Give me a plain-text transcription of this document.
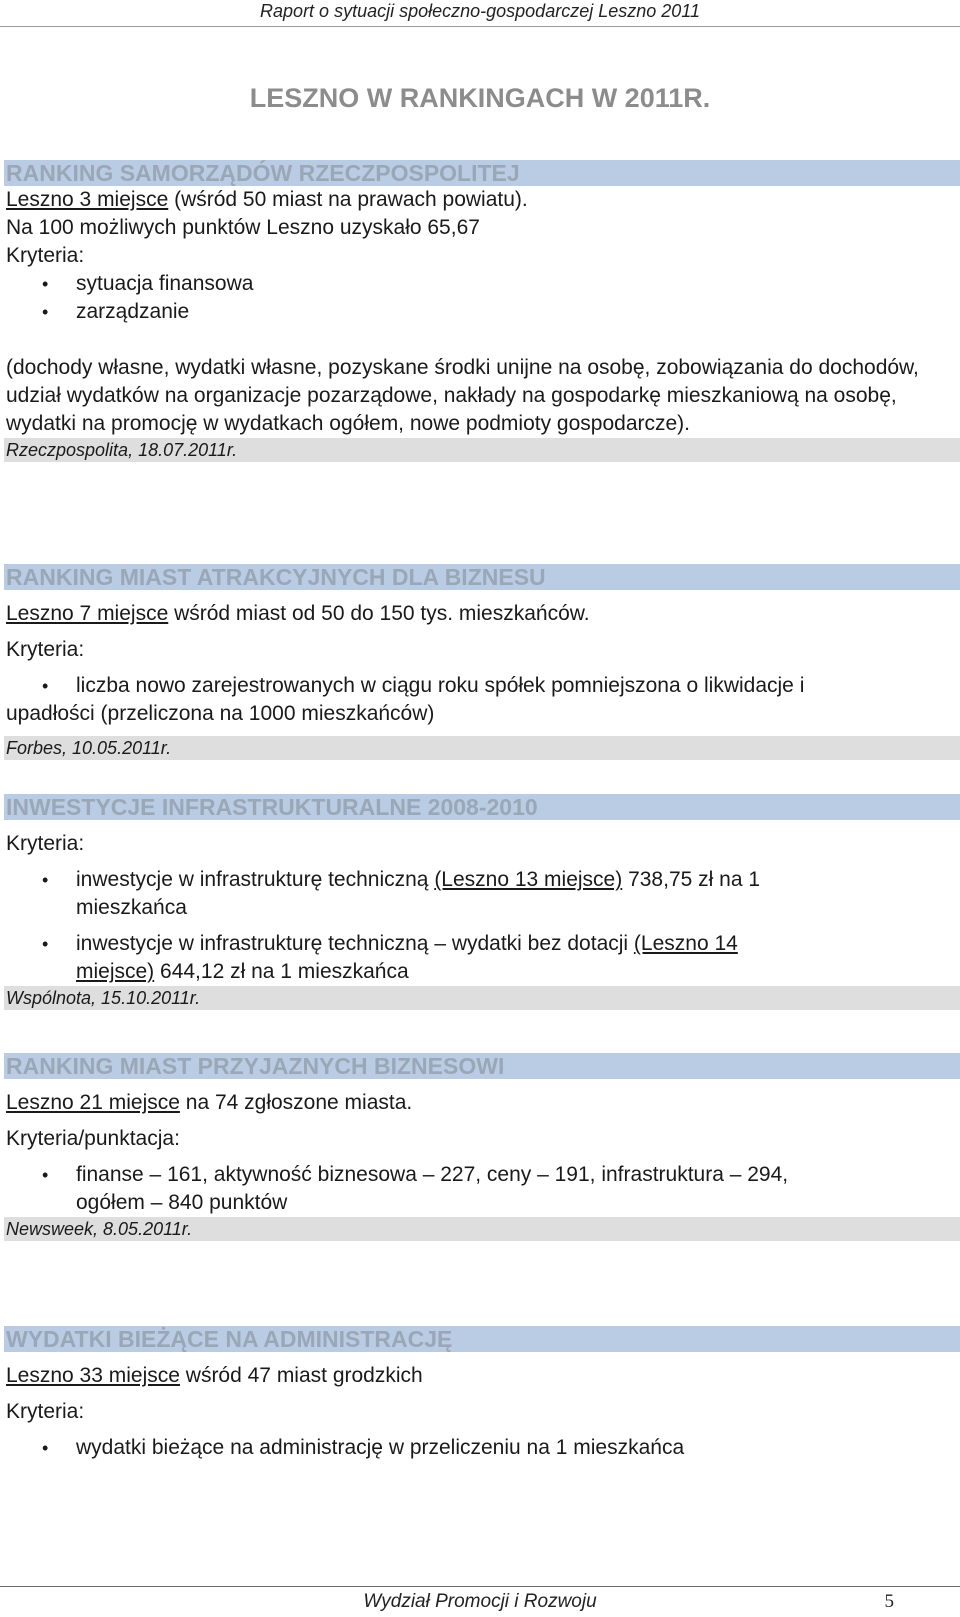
Raport o sytuacji społeczno-gospodarczej Leszno 2011
LESZNO W RANKINGACH W 2011R.
RANKING SAMORZĄDÓW RZECZPOSPOLITEJ
Leszno 3 miejsce (wśród 50 miast na prawach powiatu).
Na 100 możliwych punktów Leszno uzyskało 65,67
Kryteria:
• sytuacja finansowa
• zarządzanie
(dochody własne, wydatki własne, pozyskane środki unijne na osobę, zobowiązania do dochodów, udział wydatków na organizacje pozarządowe, nakłady na gospodarkę mieszkaniową na osobę, wydatki na promocję w wydatkach ogółem, nowe podmioty gospodarcze).
Rzeczpospolita, 18.07.2011r.
RANKING MIAST ATRAKCYJNYCH DLA BIZNESU
Leszno 7 miejsce wśród miast od 50 do 150 tys. mieszkańców.
Kryteria:
• liczba nowo zarejestrowanych w ciągu roku spółek pomniejszona o likwidacje i
upadłości (przeliczona na 1000 mieszkańców)
Forbes, 10.05.2011r.
INWESTYCJE INFRASTRUKTURALNE 2008-2010
Kryteria:
• inwestycje w infrastrukturę techniczną (Leszno 13 miejsce) 738,75 zł na 1
mieszkańca
• inwestycje w infrastrukturę techniczną – wydatki bez dotacji (Leszno 14
miejsce) 644,12 zł na 1 mieszkańca
Wspólnota, 15.10.2011r.
RANKING MIAST PRZYJAZNYCH BIZNESOWI
Leszno 21 miejsce na 74 zgłoszone miasta.
Kryteria/punktacja:
• finanse – 161, aktywność biznesowa – 227, ceny – 191, infrastruktura – 294,
ogółem – 840 punktów
Newsweek, 8.05.2011r.
WYDATKI BIEŻĄCE NA ADMINISTRACJĘ
Leszno 33 miejsce wśród 47 miast grodzkich
Kryteria:
• wydatki bieżące na administrację w przeliczeniu na 1 mieszkańca
Wydział Promocji i Rozwoju	5
